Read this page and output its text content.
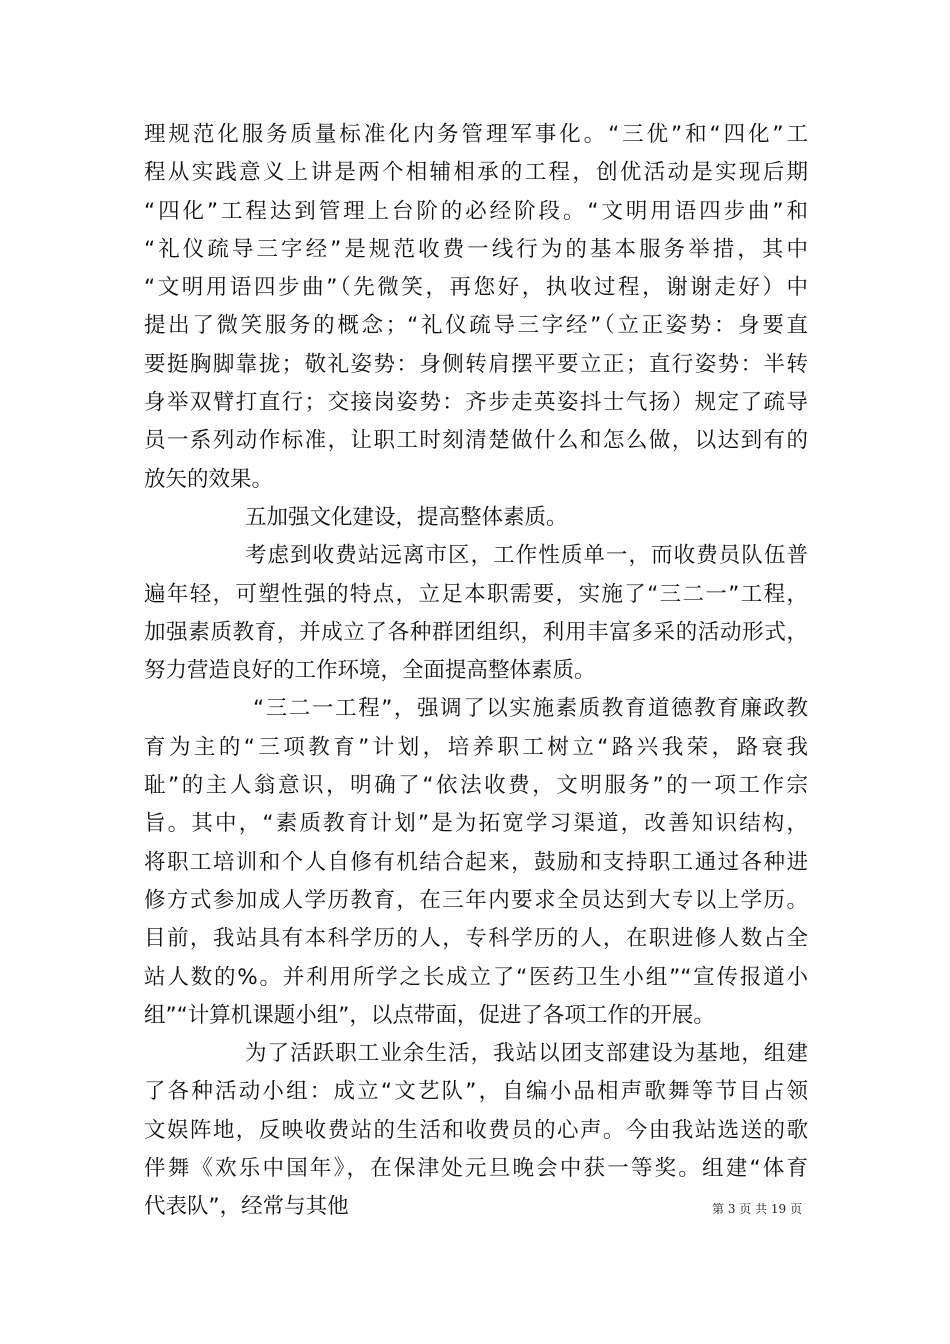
理规范化服务质量标准化内务管理军事化。“三优”和“四化”工
程从实践意义上讲是两个相辅相承的工程，创优活动是实现后期
“四化”工程达到管理上台阶的必经阶段。“文明用语四步曲”和
“礼仪疏导三字经”是规范收费一线行为的基本服务举措，其中
“文明用语四步曲”（先微笑，再您好，执收过程，谢谢走好）中
提出了微笑服务的概念；“礼仪疏导三字经”（立正姿势：身要直
要挺胸脚靠拢；敬礼姿势：身侧转肩摆平要立正；直行姿势：半转
身举双臂打直行；交接岗姿势：齐步走英姿抖士气扬）规定了疏导
员一系列动作标准，让职工时刻清楚做什么和怎么做，以达到有的
放矢的效果。
五加强文化建设，提高整体素质。
考虑到收费站远离市区，工作性质单一，而收费员队伍普
遍年轻，可塑性强的特点，立足本职需要，实施了“三二一”工程，
加强素质教育，并成立了各种群团组织，利用丰富多采的活动形式，
努力营造良好的工作环境，全面提高整体素质。
“三二一工程”，强调了以实施素质教育道德教育廉政教
育为主的“三项教育”计划，培养职工树立“路兴我荣，路衰我
耻”的主人翁意识，明确了“依法收费，文明服务”的一项工作宗
旨。其中，“素质教育计划”是为拓宽学习渠道，改善知识结构，
将职工培训和个人自修有机结合起来，鼓励和支持职工通过各种进
修方式参加成人学历教育，在三年内要求全员达到大专以上学历。
目前，我站具有本科学历的人，专科学历的人，在职进修人数占全
站人数的%。并利用所学之长成立了“医药卫生小组”“宣传报道小
组”“计算机课题小组”，以点带面，促进了各项工作的开展。
为了活跃职工业余生活，我站以团支部建设为基地，组建
了各种活动小组：成立“文艺队”，自编小品相声歌舞等节目占领
文娱阵地，反映收费站的生活和收费员的心声。今由我站选送的歌
伴舞《欢乐中国年》，在保津处元旦晚会中获一等奖。组建“体育
代表队”，经常与其他	第 3 页 共 19 页
